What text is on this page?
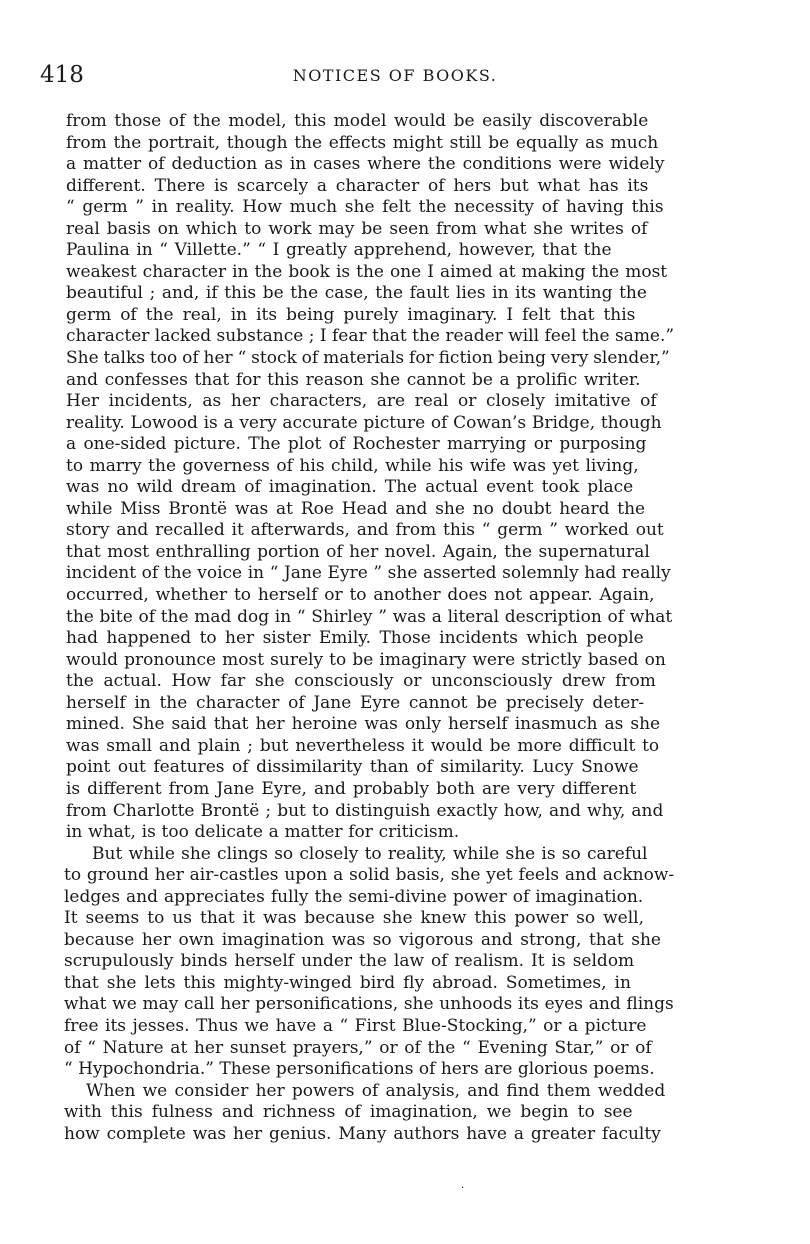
418	NOTICES OF BOOKS.
from those of the model, this model would be easily discoverable
from the portrait, though the effects might still be equally as much
a matter of deduction as in cases where the conditions were widely
different. There is scarcely a character of hers but what has its
“ germ ” in reality. How much she felt the necessity of having this
real basis on which to work may be seen from what she writes of
Paulina in “ Villette.” “ I greatly apprehend, however, that the
weakest character in the book is the one I aimed at making the most
beautiful ; and, if this be the case, the fault lies in its wanting the
germ of the real, in its being purely imaginary. I felt that this
character lacked substance ; I fear that the reader will feel the same.”
She talks too of her “ stock of materials for fiction being very slender,”
and confesses that for this reason she cannot be a prolific writer.
Her incidents, as her characters, are real or closely imitative of
reality. Lowood is a very accurate picture of Cowan’s Bridge, though
a one-sided picture. The plot of Rochester marrying or purposing
to marry the governess of his child, while his wife was yet living,
was no wild dream of imagination. The actual event took place
while Miss Brontë was at Roe Head and she no doubt heard the
story and recalled it afterwards, and from this “ germ ” worked out
that most enthralling portion of her novel. Again, the supernatural
incident of the voice in “ Jane Eyre ” she asserted solemnly had really
occurred, whether to herself or to another does not appear. Again,
the bite of the mad dog in “ Shirley ” was a literal description of what
had happened to her sister Emily. Those incidents which people
would pronounce most surely to be imaginary were strictly based on
the actual. How far she consciously or unconsciously drew from
herself in the character of Jane Eyre cannot be precisely deter-
mined. She said that her heroine was only herself inasmuch as she
was small and plain ; but nevertheless it would be more difficult to
point out features of dissimilarity than of similarity. Lucy Snowe
is different from Jane Eyre, and probably both are very different
from Charlotte Brontë ; but to distinguish exactly how, and why, and
in what, is too delicate a matter for criticism.
But while she clings so closely to reality, while she is so careful
to ground her air-castles upon a solid basis, she yet feels and acknow-
ledges and appreciates fully the semi-divine power of imagination.
It seems to us that it was because she knew this power so well,
because her own imagination was so vigorous and strong, that she
scrupulously binds herself under the law of realism. It is seldom
that she lets this mighty-winged bird fly abroad. Sometimes, in
what we may call her personifications, she unhoods its eyes and flings
free its jesses. Thus we have a “ First Blue-Stocking,” or a picture
of “ Nature at her sunset prayers,” or of the “ Evening Star,” or of
“ Hypochondria.” These personifications of hers are glorious poems.
When we consider her powers of analysis, and find them wedded
with this fulness and richness of imagination, we begin to see
how complete was her genius. Many authors have a greater faculty
·
